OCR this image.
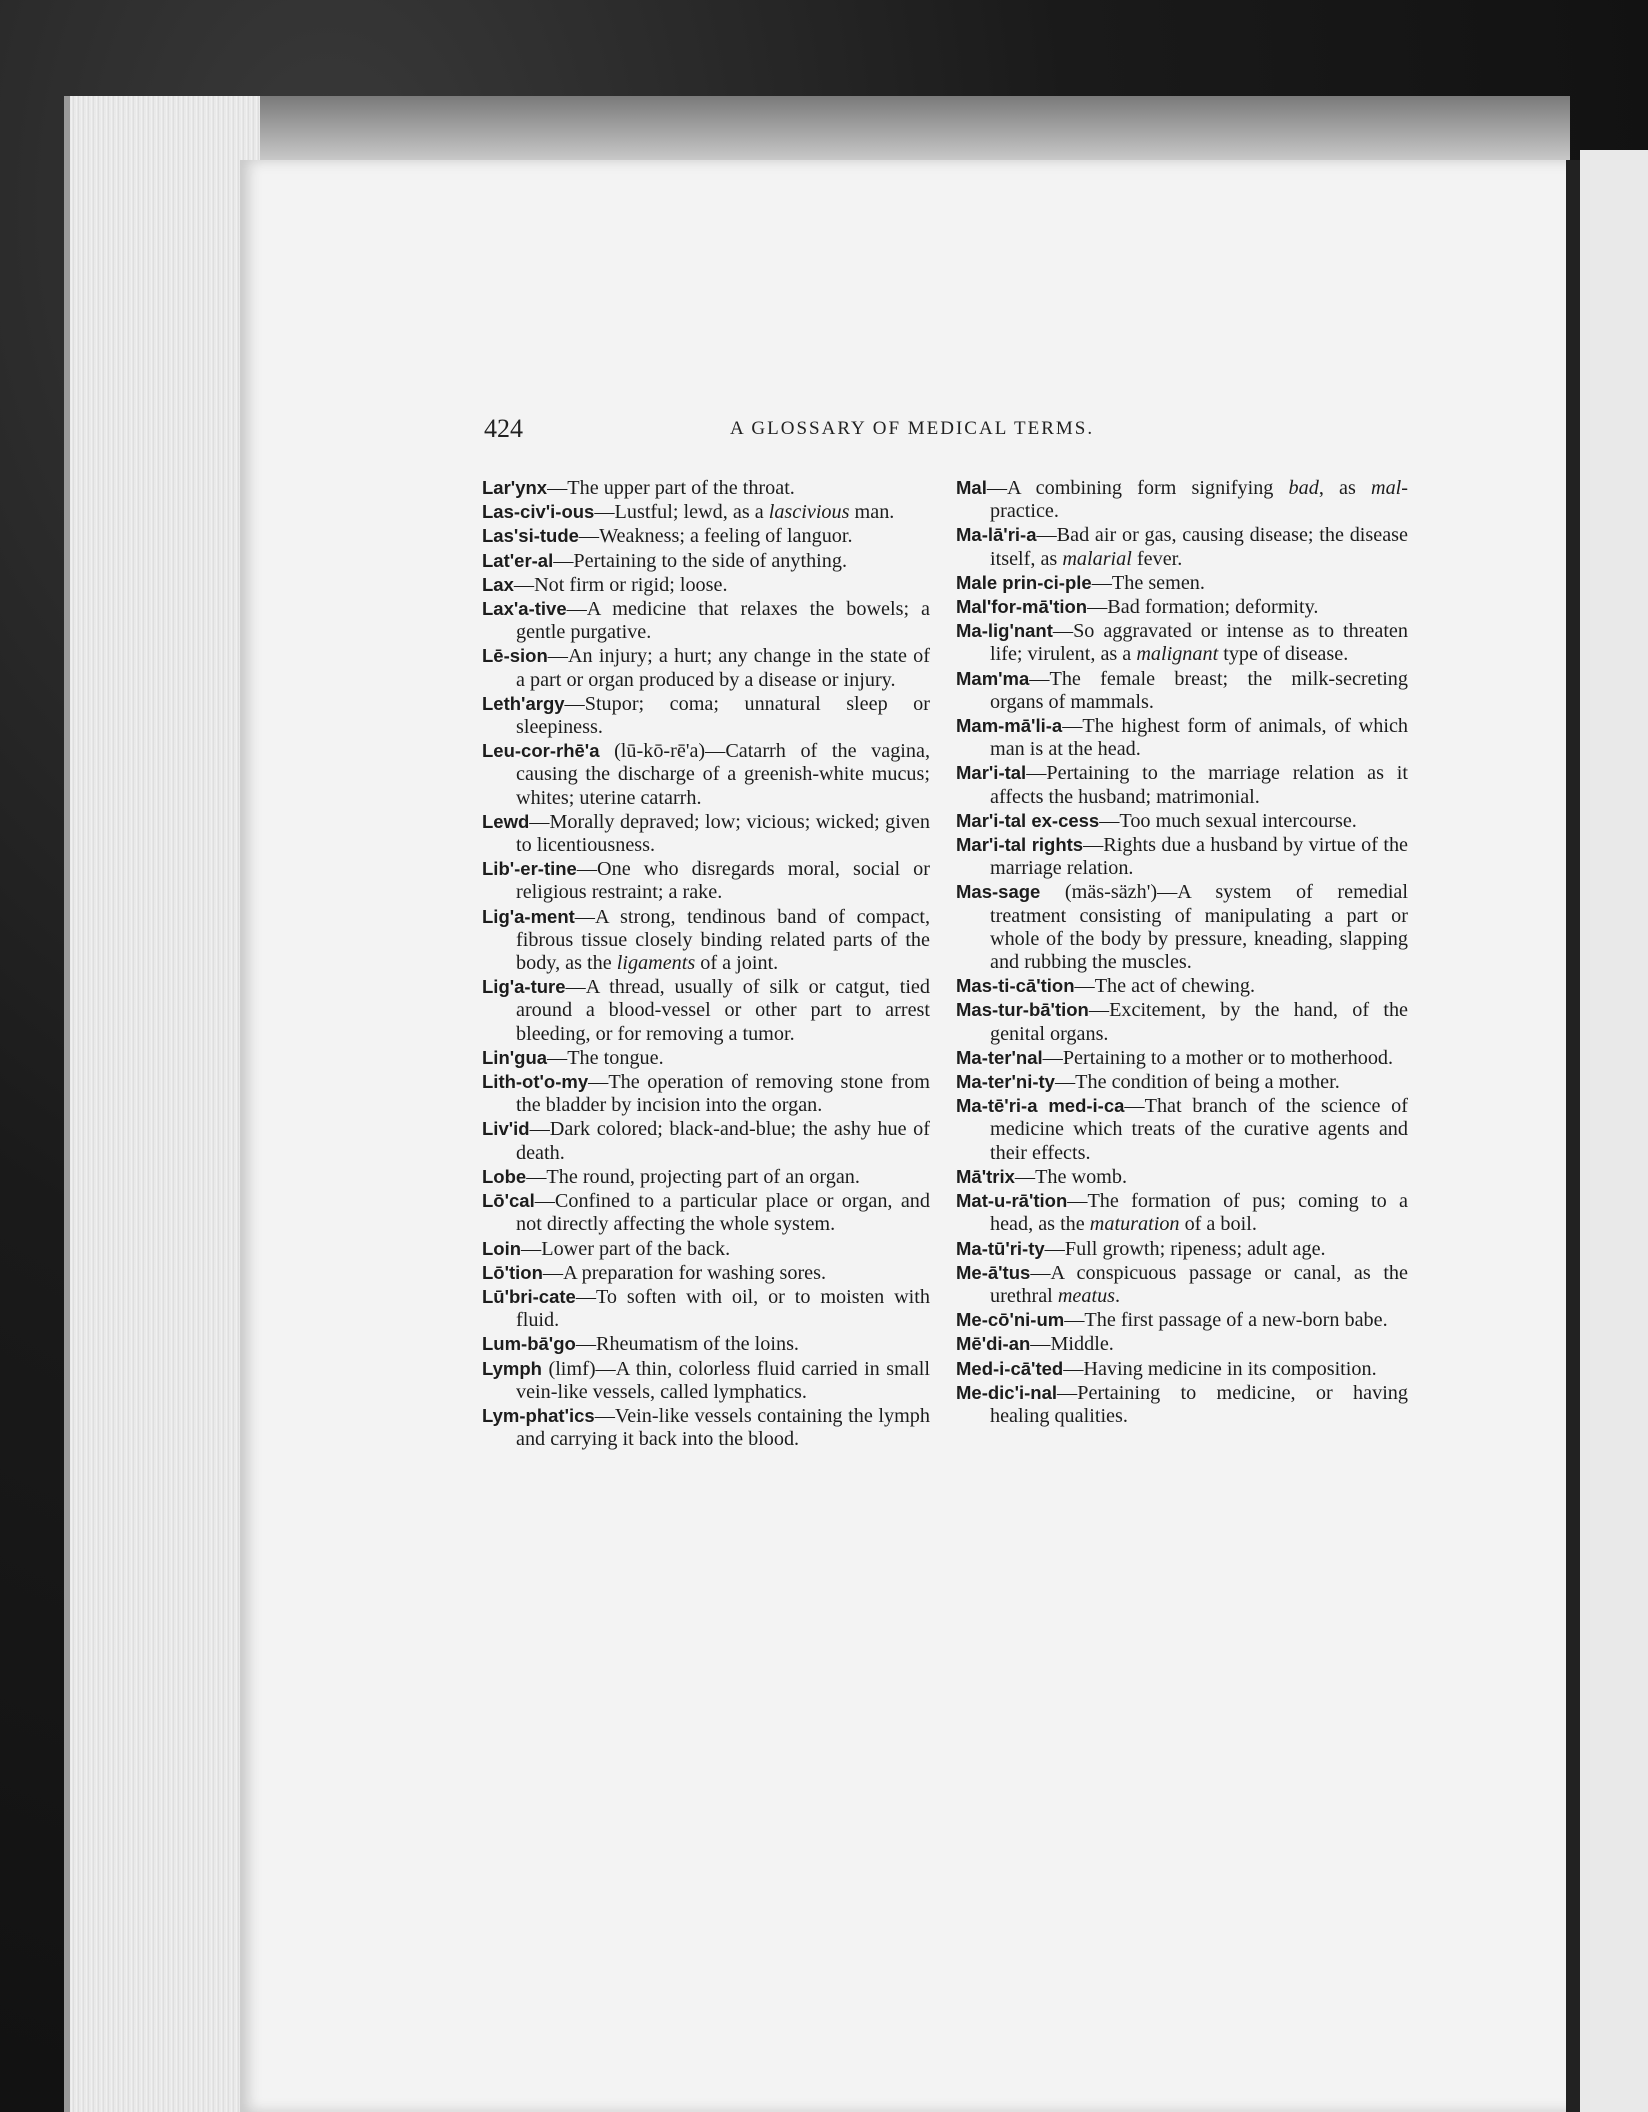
424	A GLOSSARY OF MEDICAL TERMS.

Lar'ynx—The upper part of the throat.

Las-civ'i-ous—Lustful; lewd, as a lascivious man.

Las'si-tude—Weakness; a feeling of languor.

Lat'er-al—Pertaining to the side of anything.

Lax—Not firm or rigid; loose.

Lax'a-tive—A medicine that relaxes the bowels; a gentle purgative.

Lē-sion—An injury; a hurt; any change in the state of a part or organ produced by a disease or injury.

Leth'argy—Stupor; coma; unnatural sleep or sleepiness.

Leu-cor-rhē'a (lū-kō-rē'a)—Catarrh of the vagina, causing the discharge of a greenish-white mucus; whites; uterine catarrh.

Lewd—Morally depraved; low; vicious; wicked; given to licentiousness.

Lib'-er-tine—One who disregards moral, social or religious restraint; a rake.

Lig'a-ment—A strong, tendinous band of compact, fibrous tissue closely binding related parts of the body, as the ligaments of a joint.

Lig'a-ture—A thread, usually of silk or catgut, tied around a blood-vessel or other part to arrest bleeding, or for removing a tumor.

Lin'gua—The tongue.

Lith-ot'o-my—The operation of removing stone from the bladder by incision into the organ.

Liv'id—Dark colored; black-and-blue; the ashy hue of death.

Lobe—The round, projecting part of an organ.

Lō'cal—Confined to a particular place or organ, and not directly affecting the whole system.

Loin—Lower part of the back.

Lō'tion—A preparation for washing sores.

Lū'bri-cate—To soften with oil, or to moisten with fluid.

Lum-bā'go—Rheumatism of the loins.

Lymph (limf)—A thin, colorless fluid carried in small vein-like vessels, called lymphatics.

Lym-phat'ics—Vein-like vessels containing the lymph and carrying it back into the blood.

Mal—A combining form signifying bad, as mal-practice.

Ma-lā'ri-a—Bad air or gas, causing disease; the disease itself, as malarial fever.

Male prin-ci-ple—The semen.

Mal'for-mā'tion—Bad formation; deformity.

Ma-lig'nant—So aggravated or intense as to threaten life; virulent, as a malignant type of disease.

Mam'ma—The female breast; the milk-secreting organs of mammals.

Mam-mā'li-a—The highest form of animals, of which man is at the head.

Mar'i-tal—Pertaining to the marriage relation as it affects the husband; matrimonial.

Mar'i-tal ex-cess—Too much sexual intercourse.

Mar'i-tal rights—Rights due a husband by virtue of the marriage relation.

Mas-sage (mäs-säzh')—A system of remedial treatment consisting of manipulating a part or whole of the body by pressure, kneading, slapping and rubbing the muscles.

Mas-ti-cā'tion—The act of chewing.

Mas-tur-bā'tion—Excitement, by the hand, of the genital organs.

Ma-ter'nal—Pertaining to a mother or to motherhood.

Ma-ter'ni-ty—The condition of being a mother.

Ma-tē'ri-a med-i-ca—That branch of the science of medicine which treats of the curative agents and their effects.

Mā'trix—The womb.

Mat-u-rā'tion—The formation of pus; coming to a head, as the maturation of a boil.

Ma-tū'ri-ty—Full growth; ripeness; adult age.

Me-ā'tus—A conspicuous passage or canal, as the urethral meatus.

Me-cō'ni-um—The first passage of a new-born babe.

Mē'di-an—Middle.

Med-i-cā'ted—Having medicine in its composition.

Me-dic'i-nal—Pertaining to medicine, or having healing qualities.
